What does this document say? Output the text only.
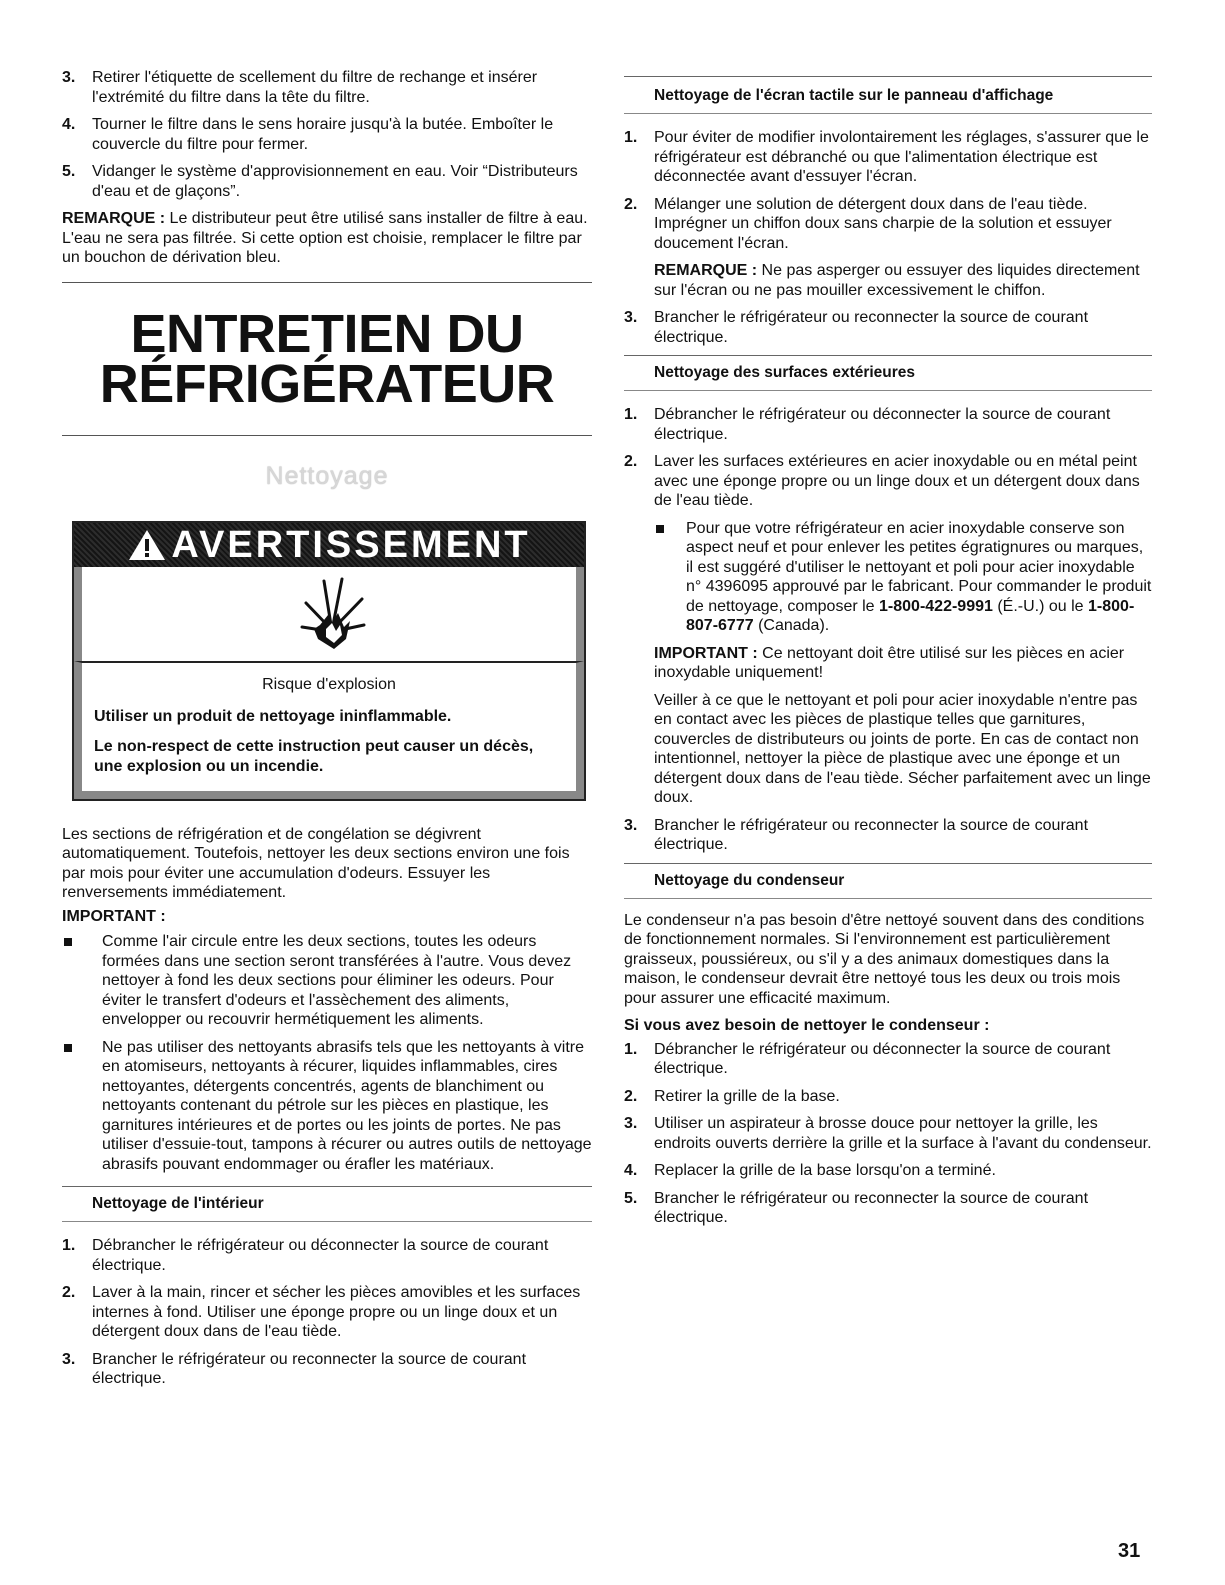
3. Retirer l'étiquette de scellement du filtre de rechange et insérer l'extrémité du filtre dans la tête du filtre.
4. Tourner le filtre dans le sens horaire jusqu'à la butée. Emboîter le couvercle du filtre pour fermer.
5. Vidanger le système d'approvisionnement en eau. Voir “Distributeurs d'eau et de glaçons”.

REMARQUE : Le distributeur peut être utilisé sans installer de filtre à eau. L'eau ne sera pas filtrée. Si cette option est choisie, remplacer le filtre par un bouchon de dérivation bleu.

ENTRETIEN DU

RÉFRIGÉRATEUR

Nettoyage

AVERTISSEMENT
Risque d'explosion
Utiliser un produit de nettoyage ininflammable.
Le non-respect de cette instruction peut causer un décès, une explosion ou un incendie.

Les sections de réfrigération et de congélation se dégivrent automatiquement. Toutefois, nettoyer les deux sections environ une fois par mois pour éviter une accumulation d'odeurs. Essuyer les renversements immédiatement.

IMPORTANT :

Comme l'air circule entre les deux sections, toutes les odeurs formées dans une section seront transférées à l'autre. Vous devez nettoyer à fond les deux sections pour éliminer les odeurs. Pour éviter le transfert d'odeurs et l'assèchement des aliments, envelopper ou recouvrir hermétiquement les aliments.
Ne pas utiliser des nettoyants abrasifs tels que les nettoyants à vitre en atomiseurs, nettoyants à récurer, liquides inflammables, cires nettoyantes, détergents concentrés, agents de blanchiment ou nettoyants contenant du pétrole sur les pièces en plastique, les garnitures intérieures et de portes ou les joints de portes. Ne pas utiliser d'essuie-tout, tampons à récurer ou autres outils de nettoyage abrasifs pouvant endommager ou érafler les matériaux.
Nettoyage de l'intérieur
1. Débrancher le réfrigérateur ou déconnecter la source de courant électrique.
2. Laver à la main, rincer et sécher les pièces amovibles et les surfaces internes à fond. Utiliser une éponge propre ou un linge doux et un détergent doux dans de l'eau tiède.
3. Brancher le réfrigérateur ou reconnecter la source de courant électrique.
Nettoyage de l'écran tactile sur le panneau d'affichage
1. Pour éviter de modifier involontairement les réglages, s'assurer que le réfrigérateur est débranché ou que l'alimentation électrique est déconnectée avant d'essuyer l'écran.
2. Mélanger une solution de détergent doux dans de l'eau tiède. Imprégner un chiffon doux sans charpie de la solution et essuyer doucement l'écran.

REMARQUE : Ne pas asperger ou essuyer des liquides directement sur l'écran ou ne pas mouiller excessivement le chiffon.

3. Brancher le réfrigérateur ou reconnecter la source de courant électrique.
Nettoyage des surfaces extérieures
1. Débrancher le réfrigérateur ou déconnecter la source de courant électrique.
2. Laver les surfaces extérieures en acier inoxydable ou en métal peint avec une éponge propre ou un linge doux et un détergent doux dans de l'eau tiède.
Pour que votre réfrigérateur en acier inoxydable conserve son aspect neuf et pour enlever les petites égratignures ou marques, il est suggéré d'utiliser le nettoyant et poli pour acier inoxydable n° 4396095 approuvé par le fabricant. Pour commander le produit de nettoyage, composer le 1-800-422-9991 (É.-U.) ou le 1-800-807-6777 (Canada).

IMPORTANT : Ce nettoyant doit être utilisé sur les pièces en acier inoxydable uniquement!

Veiller à ce que le nettoyant et poli pour acier inoxydable n'entre pas en contact avec les pièces de plastique telles que garnitures, couvercles de distributeurs ou joints de porte. En cas de contact non intentionnel, nettoyer la pièce de plastique avec une éponge et un détergent doux dans de l'eau tiède. Sécher parfaitement avec un linge doux.

3. Brancher le réfrigérateur ou reconnecter la source de courant électrique.
Nettoyage du condenseur

Le condenseur n'a pas besoin d'être nettoyé souvent dans des conditions de fonctionnement normales. Si l'environnement est particulièrement graisseux, poussiéreux, ou s'il y a des animaux domestiques dans la maison, le condenseur devrait être nettoyé tous les deux ou trois mois pour assurer une efficacité maximum.

Si vous avez besoin de nettoyer le condenseur :

1. Débrancher le réfrigérateur ou déconnecter la source de courant électrique.
2. Retirer la grille de la base.
3. Utiliser un aspirateur à brosse douce pour nettoyer la grille, les endroits ouverts derrière la grille et la surface à l'avant du condenseur.
4. Replacer la grille de la base lorsqu'on a terminé.
5. Brancher le réfrigérateur ou reconnecter la source de courant électrique.
31
